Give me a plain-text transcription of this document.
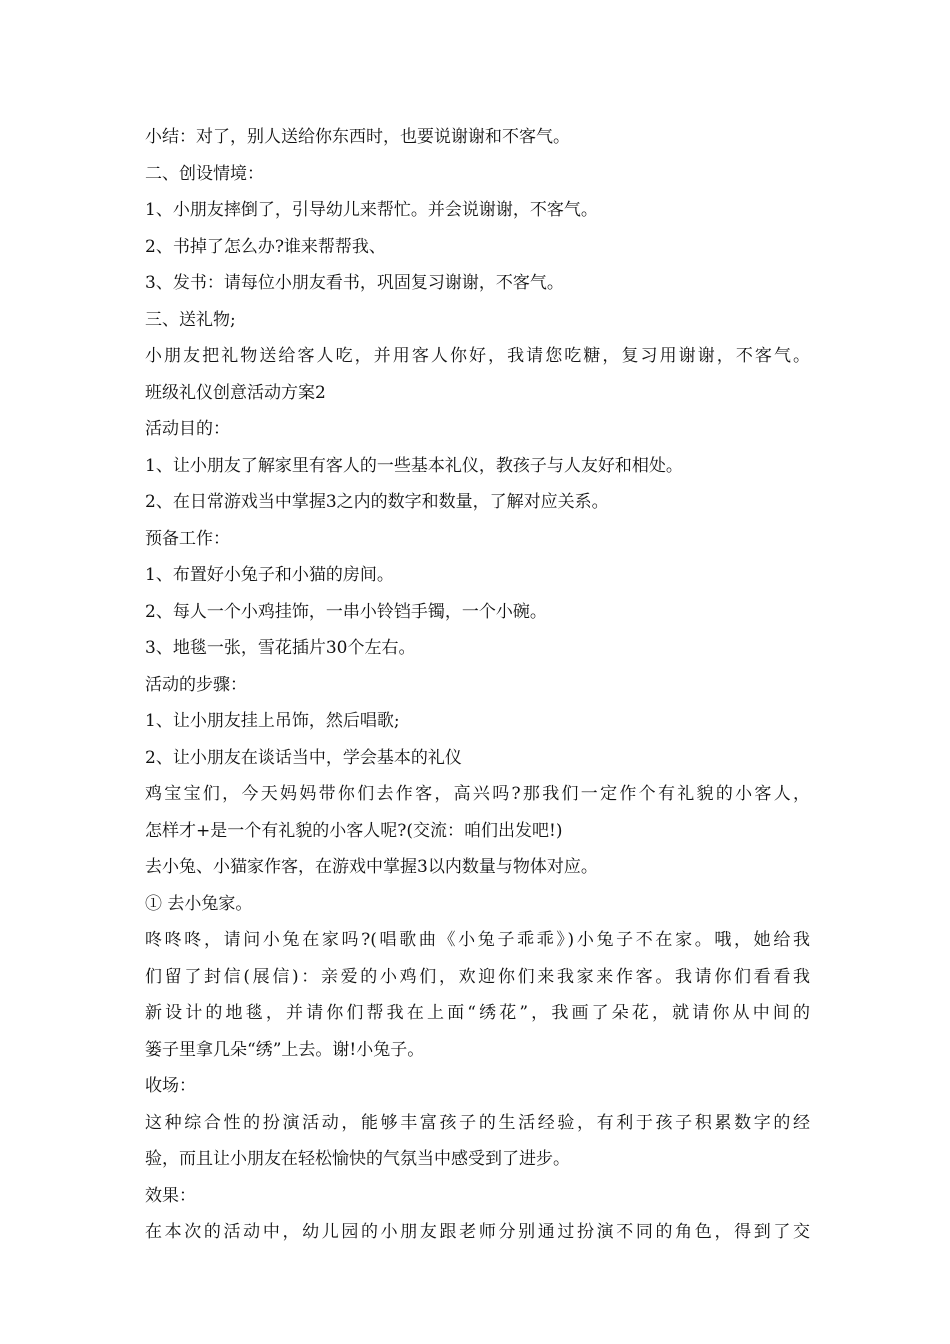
小结：对了，别人送给你东西时，也要说谢谢和不客气。
二、创设情境：
1、小朋友摔倒了，引导幼儿来帮忙。并会说谢谢，不客气。
2、书掉了怎么办?谁来帮帮我、
3、发书：请每位小朋友看书，巩固复习谢谢，不客气。
三、送礼物;
小朋友把礼物送给客人吃，并用客人你好，我请您吃糖，复习用谢谢，不客气。
班级礼仪创意活动方案2
活动目的：
1、让小朋友了解家里有客人的一些基本礼仪，教孩子与人友好和相处。
2、在日常游戏当中掌握3之内的数字和数量，了解对应关系。
预备工作：
1、布置好小兔子和小猫的房间。
2、每人一个小鸡挂饰，一串小铃铛手镯，一个小碗。
3、地毯一张，雪花插片30个左右。
活动的步骤：
1、让小朋友挂上吊饰，然后唱歌;
2、让小朋友在谈话当中，学会基本的礼仪
鸡宝宝们，今天妈妈带你们去作客，高兴吗?那我们一定作个有礼貌的小客人，
怎样才+是一个有礼貌的小客人呢?(交流：咱们出发吧!)
去小兔、小猫家作客，在游戏中掌握3以内数量与物体对应。
① 去小兔家。
咚咚咚，请问小兔在家吗?(唱歌曲《小兔子乖乖》)小兔子不在家。哦，她给我
们留了封信(展信)：亲爱的小鸡们，欢迎你们来我家来作客。我请你们看看我
新设计的地毯，并请你们帮我在上面“绣花”，我画了朵花，就请你从中间的
篓子里拿几朵“绣”上去。谢!小兔子。
收场：
这种综合性的扮演活动，能够丰富孩子的生活经验，有利于孩子积累数字的经
验，而且让小朋友在轻松愉快的气氛当中感受到了进步。
效果：
在本次的活动中，幼儿园的小朋友跟老师分别通过扮演不同的角色，得到了交
